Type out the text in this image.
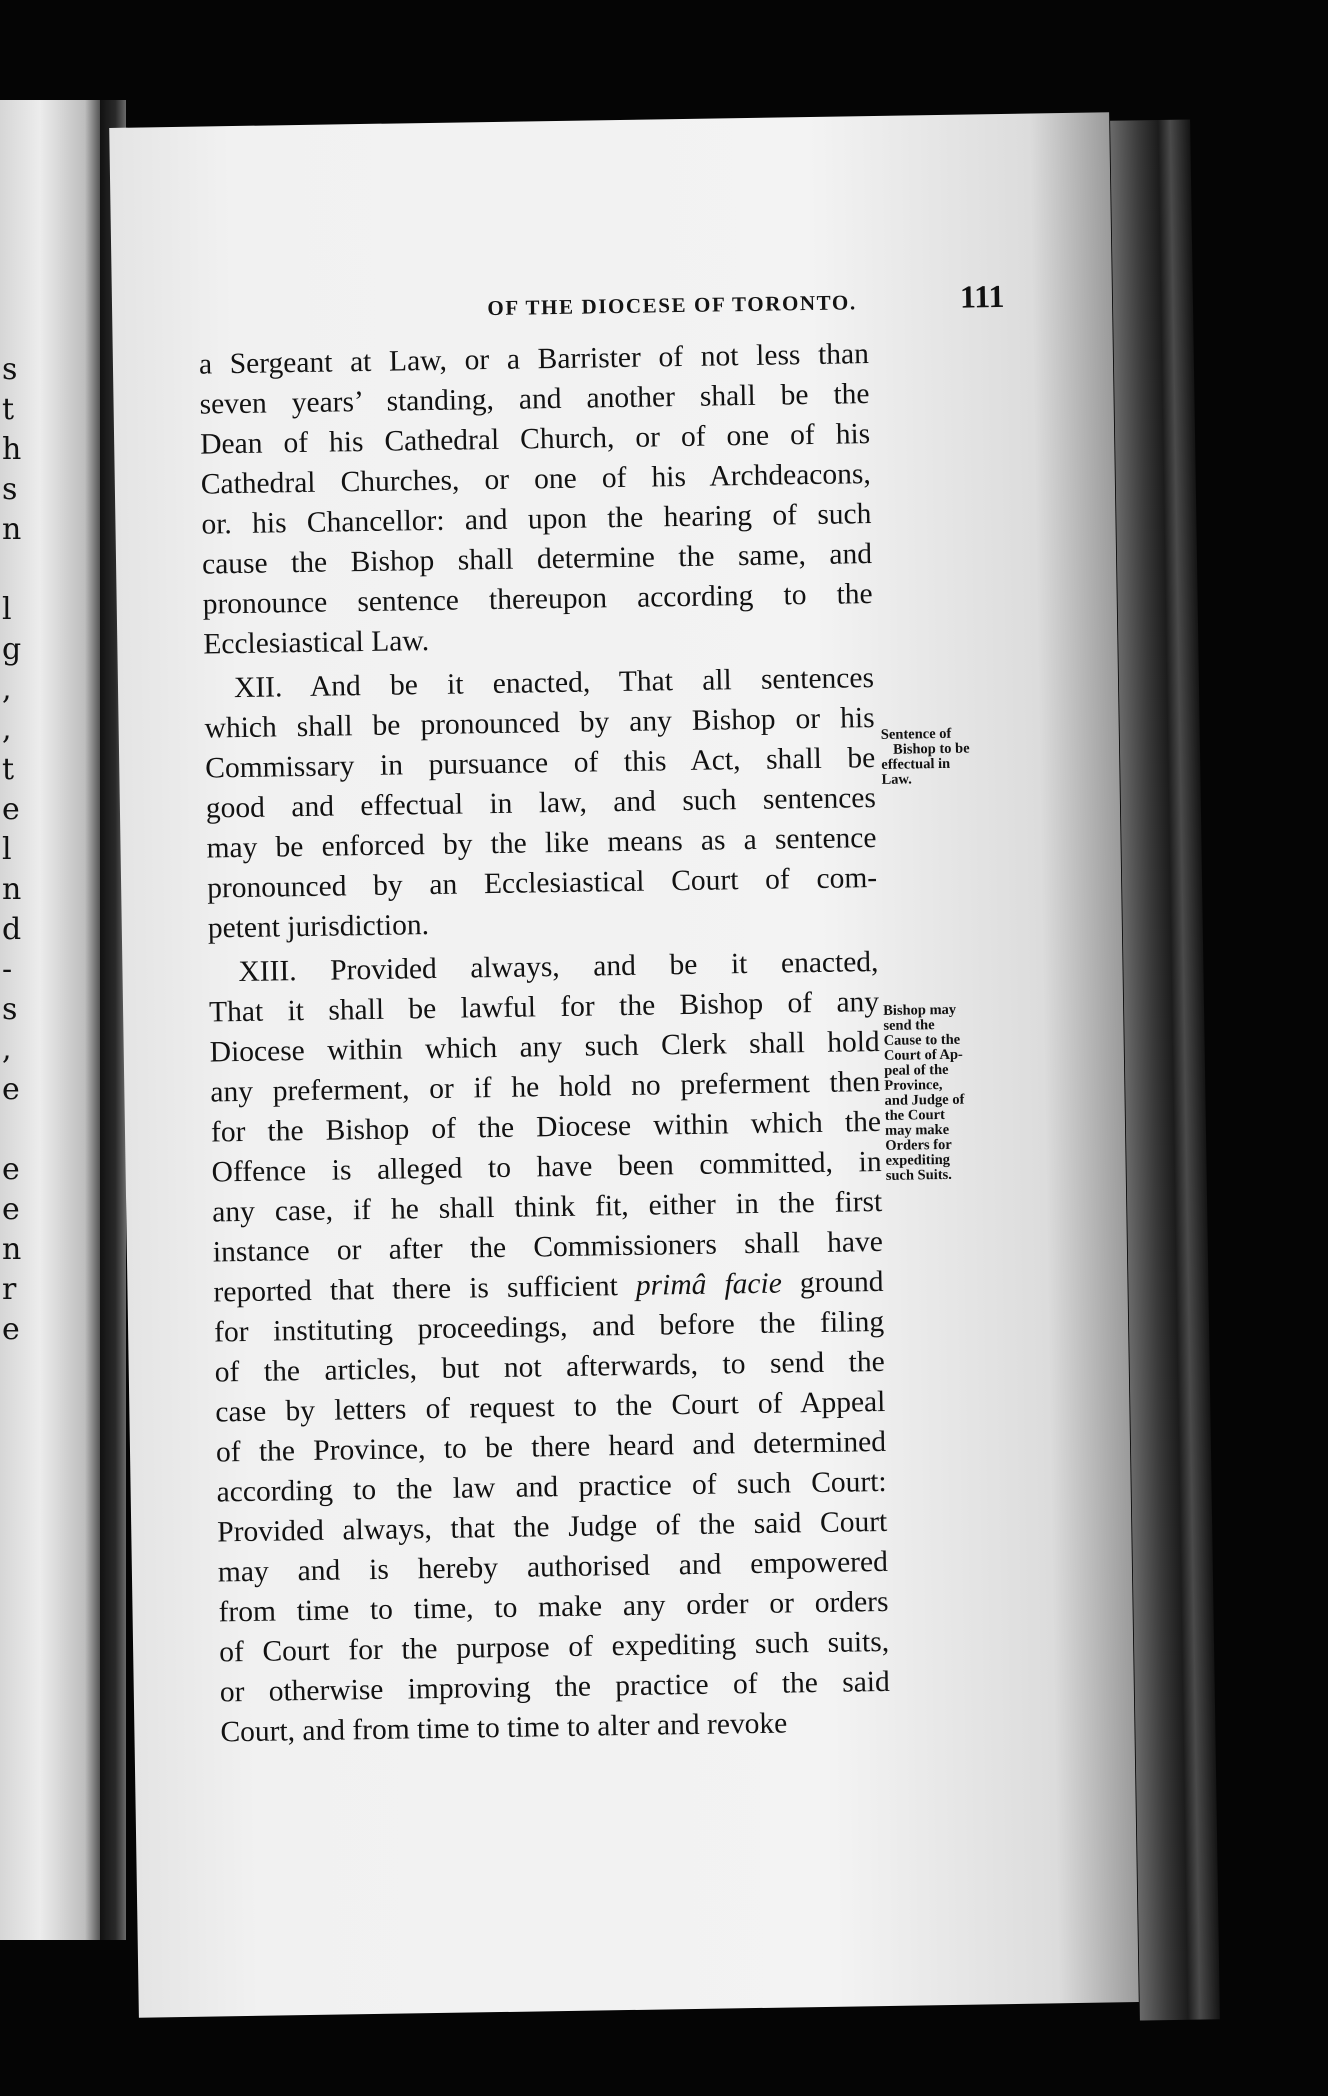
s
t
h
s
n
l
g
,
,
t
e
l
n
d
-
s
,
e
e
e
n
r
e
OF THE DIOCESE OF TORONTO.	111
a Sergeant at Law, or a Barrister of not less than
seven years’ standing, and another shall be the
Dean of his Cathedral Church, or of one of his
Cathedral Churches, or one of his Archdeacons,
or. his Chancellor: and upon the hearing of such
cause the Bishop shall determine the same, and
pronounce sentence thereupon according to the
Ecclesiastical Law.
XII. And be it enacted, That all sentences
which shall be pronounced by any Bishop or his
Commissary in pursuance of this Act, shall be
good and effectual in law, and such sentences
may be enforced by the like means as a sentence
pronounced by an Ecclesiastical Court of com-
petent jurisdiction.
XIII. Provided always, and be it enacted,
That it shall be lawful for the Bishop of any
Diocese within which any such Clerk shall hold
any preferment, or if he hold no preferment then
for the Bishop of the Diocese within which the
Offence is alleged to have been committed, in
any case, if he shall think fit, either in the first
instance or after the Commissioners shall have
reported that there is sufficient primâ facie ground
for instituting proceedings, and before the filing
of the articles, but not afterwards, to send the
case by letters of request to the Court of Appeal
of the Province, to be there heard and determined
according to the law and practice of such Court:
Provided always, that the Judge of the said Court
may and is hereby authorised and empowered
from time to time, to make any order or orders
of Court for the purpose of expediting such suits,
or otherwise improving the practice of the said
Court, and from time to time to alter and revoke
Sentence of
Bishop to be
effectual in
Law.
Bishop may
send the
Cause to the
Court of Ap-
peal of the
Province,
and Judge of
the Court
may make
Orders for
expediting
such Suits.
